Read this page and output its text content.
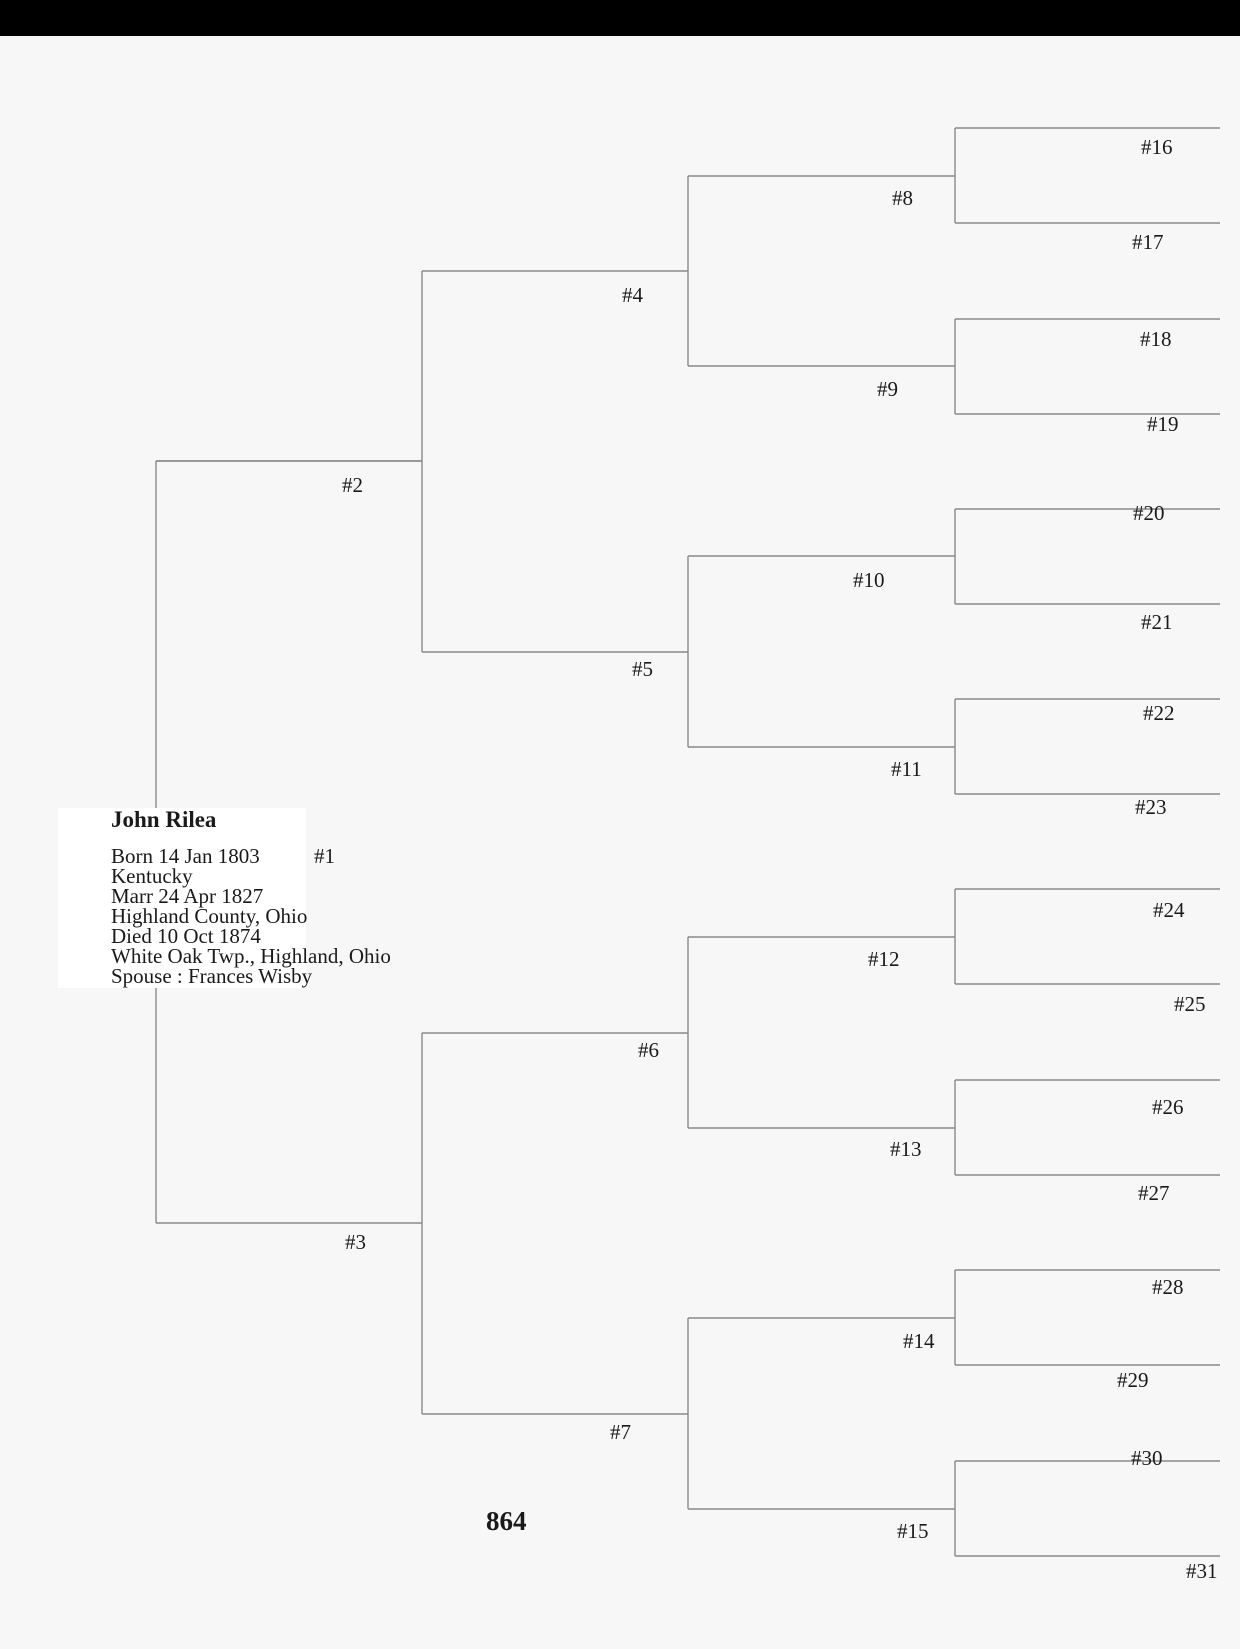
John Rilea
#1
Born 14 Jan 1803
Kentucky
Marr 24 Apr 1827
Highland County, Ohio
Died 10 Oct 1874
White Oak Twp., Highland, Ohio
Spouse : Frances Wisby
#2
#3
#4
#5
#6
#7
#8
#9
#10
#11
#12
#13
#14
#15
#16
#17
#18
#19
#20
#21
#22
#23
#24
#25
#26
#27
#28
#29
#30
#31
864
